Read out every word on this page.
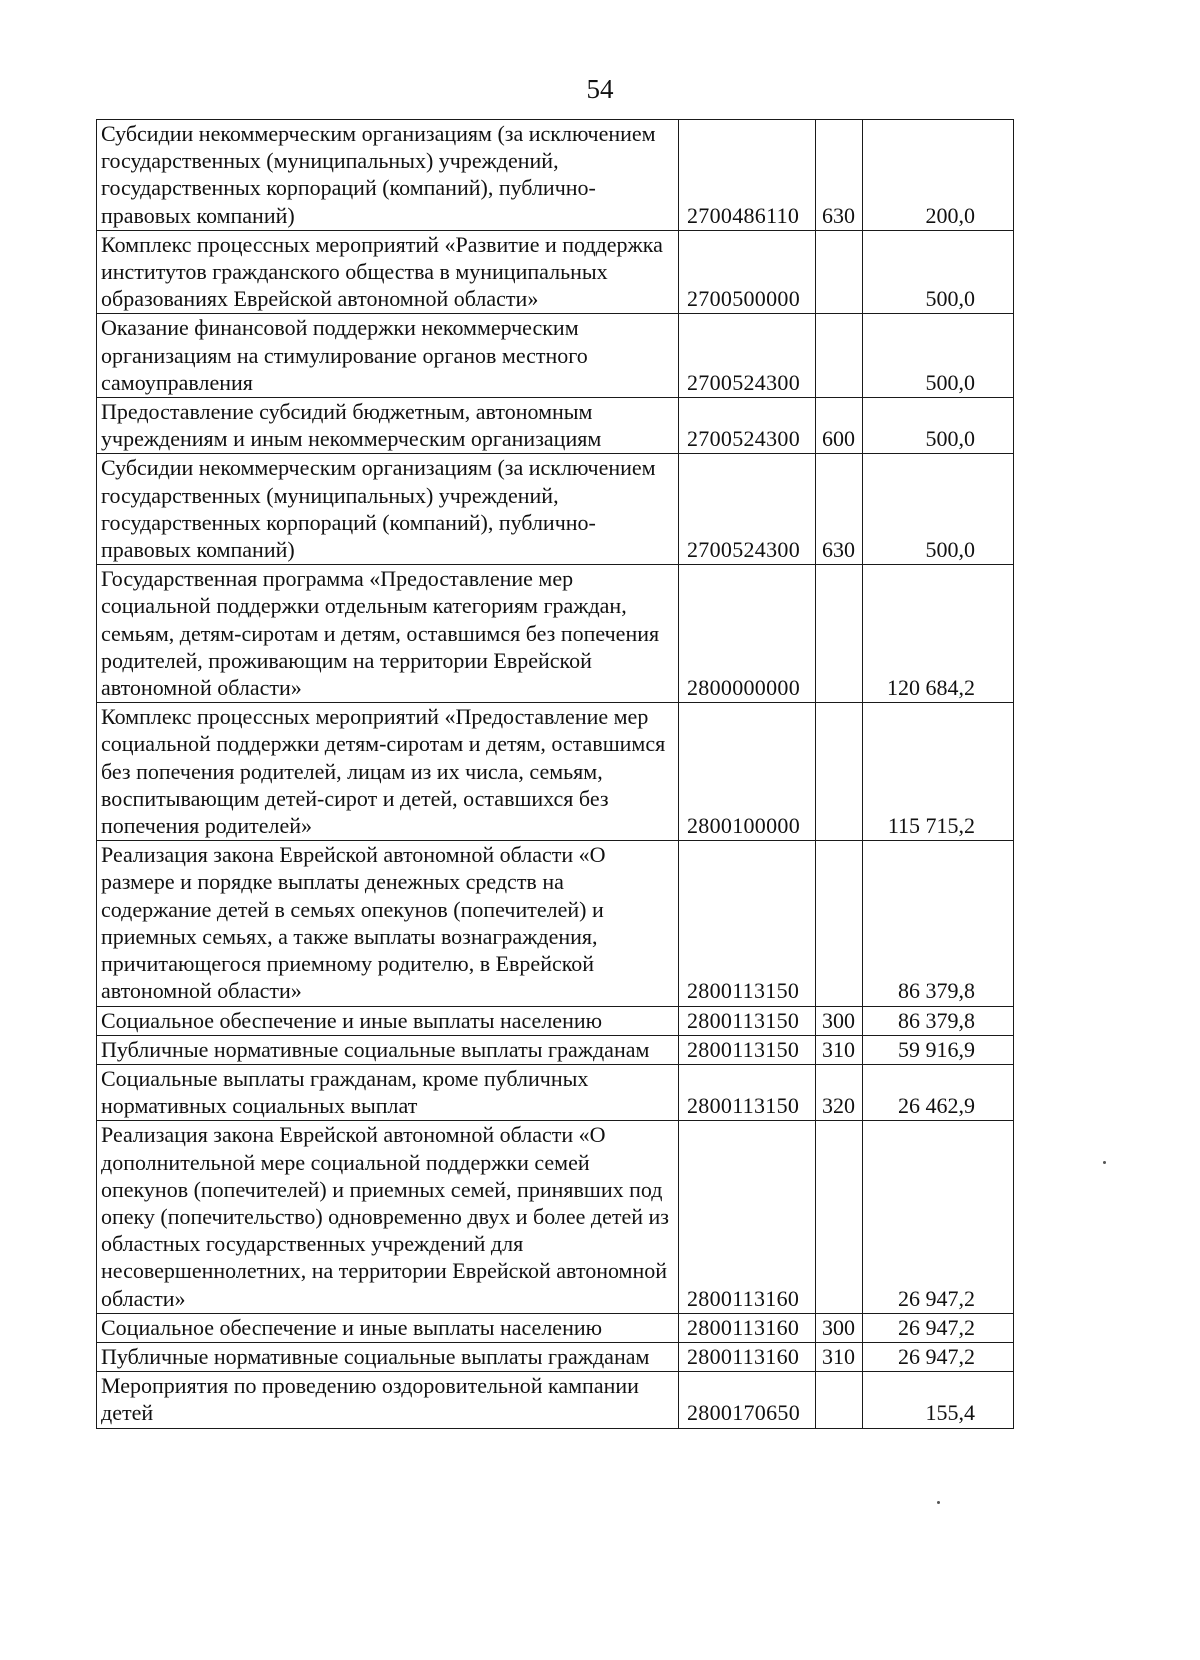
54
Субсидии некоммерческим организациям (за исключением государственных (муниципальных) учреждений, государственных корпораций (компаний), публично-правовых компаний)	2700486110	630	200,0
Комплекс процессных мероприятий «Развитие и поддержка институтов гражданского общества в муниципальных образованиях Еврейской автономной области»	2700500000		500,0
Оказание финансовой поддержки некоммерческим организациям на стимулирование органов местного самоуправления	2700524300		500,0
Предоставление субсидий бюджетным, автономным учреждениям и иным некоммерческим организациям	2700524300	600	500,0
Субсидии некоммерческим организациям (за исключением государственных (муниципальных) учреждений, государственных корпораций (компаний), публично-правовых компаний)	2700524300	630	500,0
Государственная программа «Предоставление мер социальной поддержки отдельным категориям граждан, семьям, детям-сиротам и детям, оставшимся без попечения родителей, проживающим на территории Еврейской автономной области»	2800000000		120 684,2
Комплекс процессных мероприятий «Предоставление мер социальной поддержки детям-сиротам и детям, оставшимся без попечения родителей, лицам из их числа, семьям, воспитывающим детей-сирот и детей, оставшихся без попечения родителей»	2800100000		115 715,2
Реализация закона Еврейской автономной области «О размере и порядке выплаты денежных средств на содержание детей в семьях опекунов (попечителей) и приемных семьях, а также выплаты вознаграждения, причитающегося приемному родителю, в Еврейской автономной области»	2800113150		86 379,8
Социальное обеспечение и иные выплаты населению	2800113150	300	86 379,8
Публичные нормативные социальные выплаты гражданам	2800113150	310	59 916,9
Социальные выплаты гражданам, кроме публичных нормативных социальных выплат	2800113150	320	26 462,9
Реализация закона Еврейской автономной области «О дополнительной мере социальной поддержки семей опекунов (попечителей) и приемных семей, принявших под опеку (попечительство) одновременно двух и более детей из областных государственных учреждений для несовершеннолетних, на территории Еврейской автономной области»	2800113160		26 947,2
Социальное обеспечение и иные выплаты населению	2800113160	300	26 947,2
Публичные нормативные социальные выплаты гражданам	2800113160	310	26 947,2
Мероприятия по проведению оздоровительной кампании детей	2800170650		155,4
